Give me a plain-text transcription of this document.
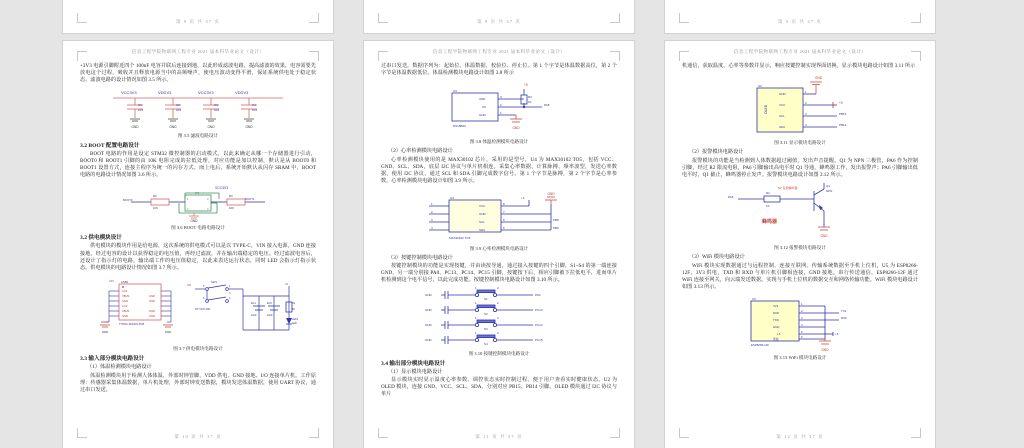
第 9 页 共 37 页	第 9 页 共 37 页	第 9 页 共 37 页
信息工程学院物联网工程专业 2021 届本科毕业论文（设计）

+3V3 电源引脚附近四个 100nF 电容并联后连接到地，以此形成滤波电路，提高滤波的效果，电容需要先放电这个过程，吸收并且释放电源当中的高频噪声，使电压波动变得平滑，保证系统供电处于稳定状态。滤波电路的设计情况如图 3.5 所示。

VCC3V3	VDDV3	VCC3V3	VDDV3
C1
104
C2
104
C3
104
C4
104
GND	GND	GND	GND
图 3.5 滤波电路设计
3.2 BOOT 配置电路设计

BOOT 电路的作用是设定 STM32 微控制器的启动模式，以此来确定从哪一个存储器进行引动，BOOT0 和 BOOT1 引脚的由 10K 电阻完成的拉低处理，对应功能是加以控制，默认是从 BOOT0 和 BOOT1 设置方式，连接主程序为统一的闪存方式。而上电后，系统开始默认从闪存 SRAM 中，BOOT 电路的电路设计情况如图 3.6 所示。

VCC3V3
JP1
1	3
2	4
R3
10K
R4
10K
BOOT0	BOOT1
GND
图 3.6 BOOT 电路电路设计
3.2 供电模块设计

供电模块的模块作用是给电源，这次系统的供电模式可以是以 TYPE-C，VIN 接入电源，GND 连接接地。经过电容的设计以获得稳定的电压值，再经过滤波，并在输出端稳定的电压。经过滤波电容后，还设计了指示灯的电路，输出端工作的电压值稳定，以此来表达运行状态，同时 LED 会指示灯指示状态。供电模块的电路设计情况如图 3.7 所示。

USB1
CC1
VBUS
GND
CC2
VBUS
GND
GND
GND
GND
GND
TYPEC-MICRO-PCB
VIN
GND	GND
VD
SW1
5	1
6	4
3
KFT DIP-4NK
+5
22uF
EC1
22uF
EC2	R1
1K
LED1
LED
图 3.7 供电模块电路设计
3.3 输入部分模块电路设计
（1）体温检测模块电路设计

体温检测模块用于检测人体体温，外部时钟管脚，VDD 供电、GND 接地、I/O 连接单片机。工作原理：传感器采集体温数据，单片机处理，外部时钟发送数据，模块发送体温数据，使用 UART 协议，通过串口发送。

第 10 页 共 37 页
信息工程学院物联网工程专业 2021 届本科毕业论文（设计）

过串口发送。数据序列为：起始位、体温数据、校验位、停止位。第 1 个字节是体温数据高位，第 2 个字节是体温数据低位。体温检测模块电路设计如图 3.8 所示

+5
U3
VDD
I/O
GND
3
2
1
R3
1K
PA8
DS18B20	GND
图 3.8 体温检测模块电路设计
（2）心率检测模块电路设计

心率检测模块使用的是 MAX30102 芯片，采用的是型号，U4 为 MAX30102 TO5，包括 VCC、GND、SCL、SDA，底层 I2C 协议与单片机相连。采集心率数据，计算脉搏、频率波型，发送心率数据，使用 I2C 协议，通过 SCL 和 SDA 引脚完成数字信号。第 1 个字节是脉搏，第 2 个字节是心率参数。心率检测模块电路设计如图 3.9 所示。

U4
VCC
GND
SCL
SDA
1
2
3
4
8
7
6
5
PB8
PB9
MAX30102 TO5
+5
GND
图 3.9 心率检测模块电路设计
（3）按键控制模块电路设计

按键控制模块的功能是实现按键，并由读按导通，通过接入按键的四个引脚，S1~S4 的第一端连接 GND，另一端分别接 PA0、PC13、PC14、PC15 引脚，按键按下后，相应引脚被下拉低电平，进而单片机检测到这个电平信号，以此完成功能。按键控制模块电路设计如图 3.10 所示。

GND
GND
GND
GND
1	2
1	2
1	2
1	2
S1
S2
S3
S4
PA0
PC13
PC14
PC15
图 3.10 按键控制模块电路设计
3.4 输出部分模块电路设计
（1）显示模块电路设计

显示模块实时显示温度心率参数、调控状态实时控制过程。便于用户查看实时健康状态。U2 为 OLED 模块，连接 GND、VCC、SCL、SDA，分别对应 PB15、PB14 引脚。OLED 模块通过 I2C 协议与单片

第 11 页 共 37 页
信息工程学院物联网工程专业 2021 届本科毕业论文（设计）

机通信，获取温度、心率等参数并显示，响应按键控制实现界面切换。显示模块电路设计如图 3.11 所示

GND
U2
GND
VCC
SCL
SDA
1
2
3
4
PB15
PB14
OLED
+5
图 3.11 显示模块电路设计
（2）报警模块电路设计

报警模块的功能是当检测到人体数据超过阈值，发出声音提醒。Q1 为 NPN 三极管，PA6 作为控制引脚，经过 R2 限流电阻，PA6 引脚输出高电平时 Q1 导通，蜂鸣器工作，发出报警声；PA6 引脚输出低电平时，Q1 截止，蜂鸣器停止发声。报警模块电路设计如图 3.12 所示。

5V 有源蜂鸣器
PA6
R2
1K
Q1
NPN
GND
蜂鸣器
图 3.12 报警模块电路设计
（3）WiFi 模块电路设计

WiFi 模块实现数据通过与远程控制、连接互联网。传输系统数据至手机上位机，U5 为 ESP8266-12F。3V3 供电，TXD 和 RXD 与单片机引脚相连接，GND 接地。串行传送通信，ESP8266-12F 通过 WiFi 连接至网关，向云端发送数据。实现与手机上位机的数据交互和网络传输功能。WiFi 模块电路设计如图 3.13 所示。

3V3
RXD
TXD
GND
+5
使能
1
2
3
4
5
6
TX2
RX2
+5
ESP8266-12F
U5
GND
图 3.13 WiFi 模块电路设计
第 12 页 共 37 页
